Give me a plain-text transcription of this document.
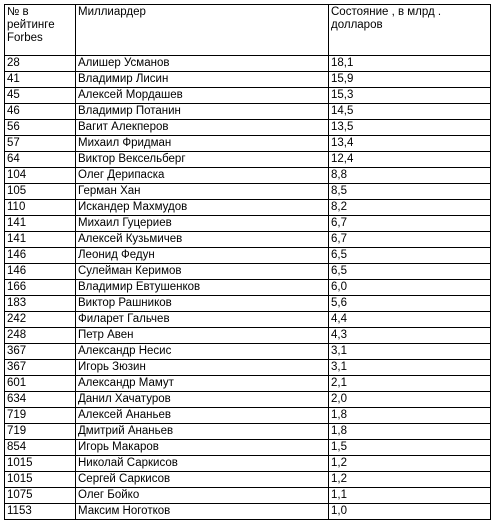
№ в
рейтинге
Forbes	Миллиардер	Состояние , в млрд .
долларов

28	Алишер Усманов	18,1
41	Владимир Лисин	15,9
45	Алексей Мордашев	15,3
46	Владимир Потанин	14,5
56	Вагит Алекперов	13,5
57	Михаил Фридман	13,4
64	Виктор Вексельберг	12,4
104	Олег Дерипаска	8,8
105	Герман Хан	8,5
110	Искандер Махмудов	8,2
141	Михаил Гуцериев	6,7
141	Алексей Кузьмичев	6,7
146	Леонид Федун	6,5
146	Сулейман Керимов	6,5
166	Владимир Евтушенков	6,0
183	Виктор Рашников	5,6
242	Филарет Гальчев	4,4
248	Петр Авен	4,3
367	Александр Несис	3,1
367	Игорь Зюзин	3,1
601	Александр Мамут	2,1
634	Данил Хачатуров	2,0
719	Алексей Ананьев	1,8
719	Дмитрий Ананьев	1,8
854	Игорь Макаров	1,5
1015	Николай Саркисов	1,2
1015	Сергей Саркисов	1,2
1075	Олег Бойко	1,1
1153	Максим Ноготков	1,0
